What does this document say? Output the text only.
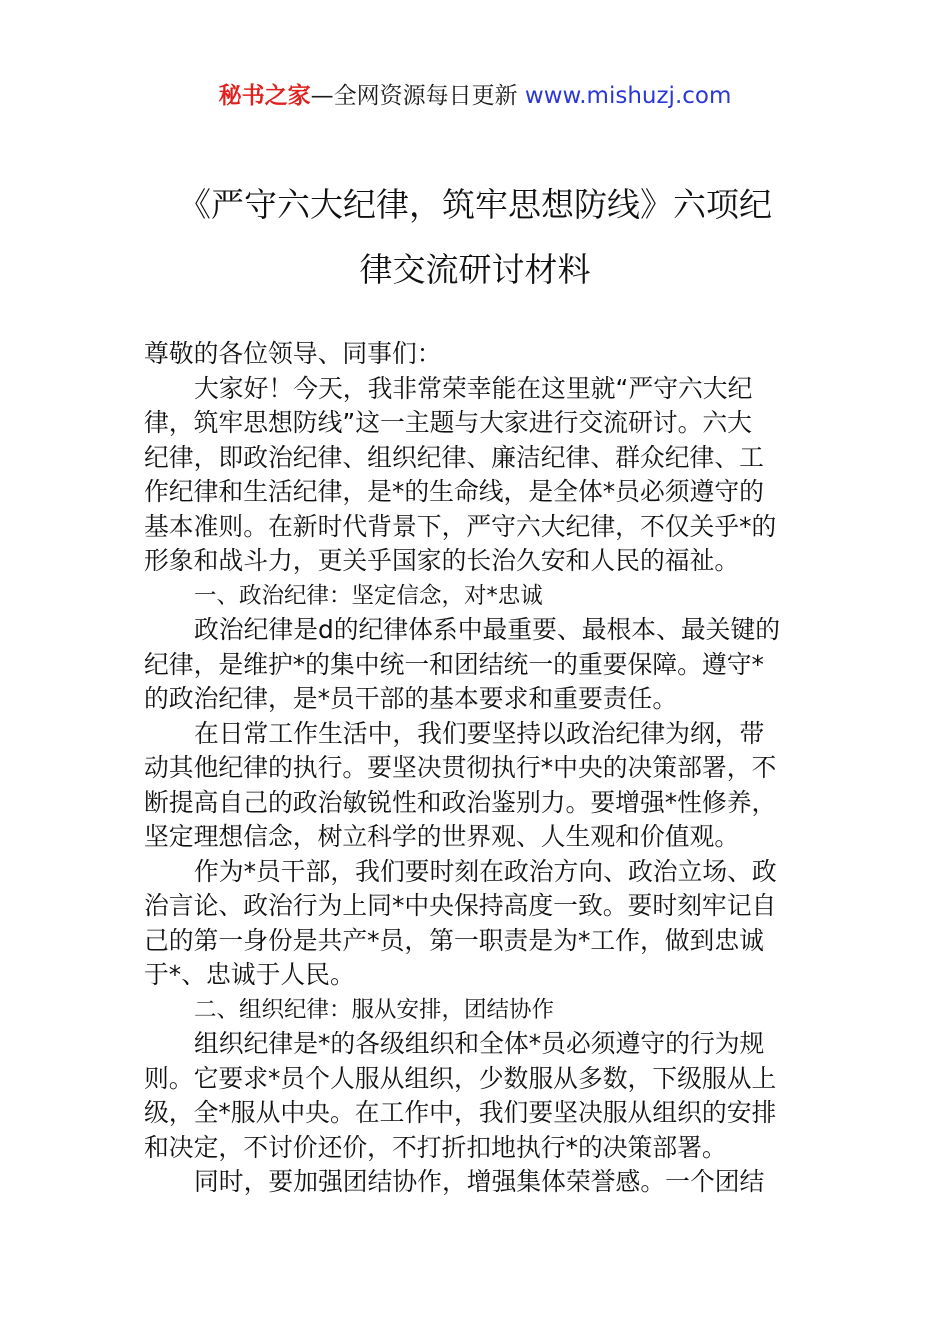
秘书之家—全网资源每日更新 www.mishuzj.com
《严守六大纪律，筑牢思想防线》六项纪
律交流研讨材料
尊敬的各位领导、同事们：
大家好！今天，我非常荣幸能在这里就“严守六大纪
律，筑牢思想防线”这一主题与大家进行交流研讨。六大
纪律，即政治纪律、组织纪律、廉洁纪律、群众纪律、工
作纪律和生活纪律，是*的生命线，是全体*员必须遵守的
基本准则。在新时代背景下，严守六大纪律，不仅关乎*的
形象和战斗力，更关乎国家的长治久安和人民的福祉。
一、政治纪律：坚定信念，对*忠诚
政治纪律是d的纪律体系中最重要、最根本、最关键的
纪律，是维护*的集中统一和团结统一的重要保障。遵守*
的政治纪律，是*员干部的基本要求和重要责任。
在日常工作生活中，我们要坚持以政治纪律为纲，带
动其他纪律的执行。要坚决贯彻执行*中央的决策部署，不
断提高自己的政治敏锐性和政治鉴别力。要增强*性修养，
坚定理想信念，树立科学的世界观、人生观和价值观。
作为*员干部，我们要时刻在政治方向、政治立场、政
治言论、政治行为上同*中央保持高度一致。要时刻牢记自
己的第一身份是共产*员，第一职责是为*工作，做到忠诚
于*、忠诚于人民。
二、组织纪律：服从安排，团结协作
组织纪律是*的各级组织和全体*员必须遵守的行为规
则。它要求*员个人服从组织，少数服从多数，下级服从上
级，全*服从中央。在工作中，我们要坚决服从组织的安排
和决定，不讨价还价，不打折扣地执行*的决策部署。
同时，要加强团结协作，增强集体荣誉感。一个团结
